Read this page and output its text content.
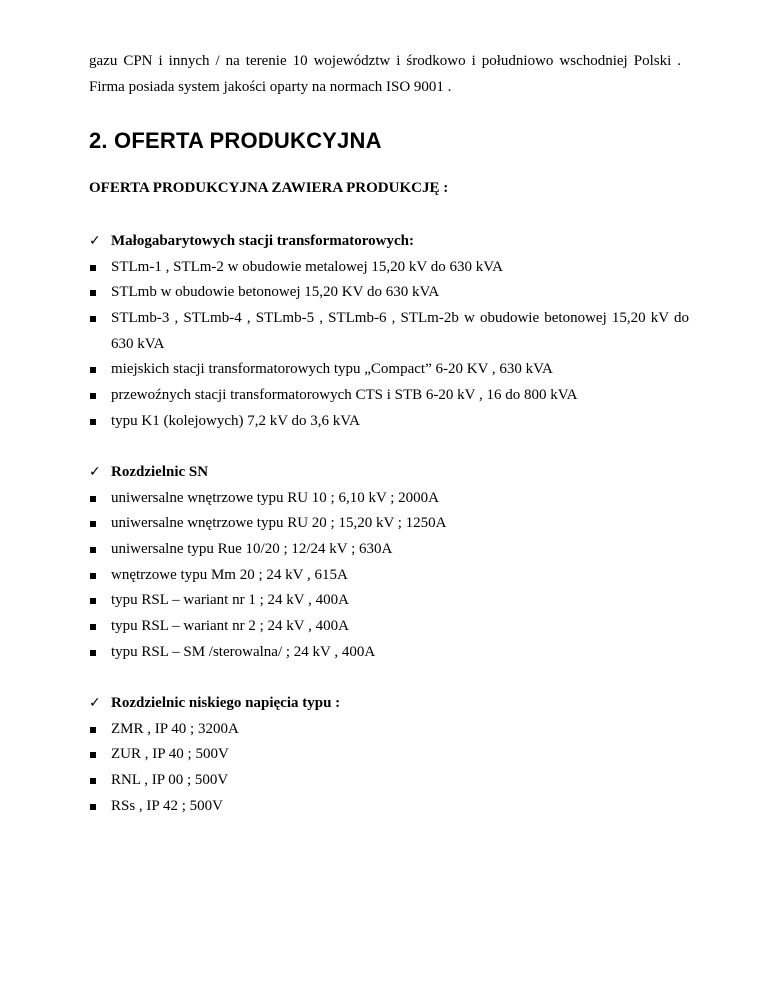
gazu CPN i innych / na terenie 10 województw i środkowo i południowo wschodniej Polski .
Firma posiada system jakości oparty na normach ISO 9001 .
2. OFERTA PRODUKCYJNA
OFERTA PRODUKCYJNA ZAWIERA PRODUKCJĘ :
✓ Małogabarytowych stacji transformatorowych:
STLm-1 , STLm-2 w obudowie metalowej 15,20 kV do 630 kVA
STLmb w obudowie betonowej 15,20 KV do 630 kVA
STLmb-3 , STLmb-4 , STLmb-5 , STLmb-6 , STLm-2b w obudowie betonowej 15,20 kV do
630 kVA
miejskich stacji transformatorowych typu „Compact” 6-20 KV , 630 kVA
przewoźnych stacji transformatorowych CTS i STB 6-20 kV , 16 do 800 kVA
typu K1 (kolejowych) 7,2 kV do 3,6 kVA
✓ Rozdzielnic SN
uniwersalne wnętrzowe typu RU 10 ; 6,10 kV ; 2000A
uniwersalne wnętrzowe typu RU 20 ; 15,20 kV ; 1250A
uniwersalne typu Rue 10/20 ; 12/24 kV ; 630A
wnętrzowe typu Mm 20 ; 24 kV , 615A
typu RSL – wariant nr 1 ; 24 kV , 400A
typu RSL – wariant nr 2 ; 24 kV , 400A
typu RSL – SM /sterowalna/ ; 24 kV , 400A
✓ Rozdzielnic niskiego napięcia typu :
ZMR , IP 40 ; 3200A
ZUR , IP 40 ; 500V
RNL , IP 00 ; 500V
RSs , IP 42 ; 500V
